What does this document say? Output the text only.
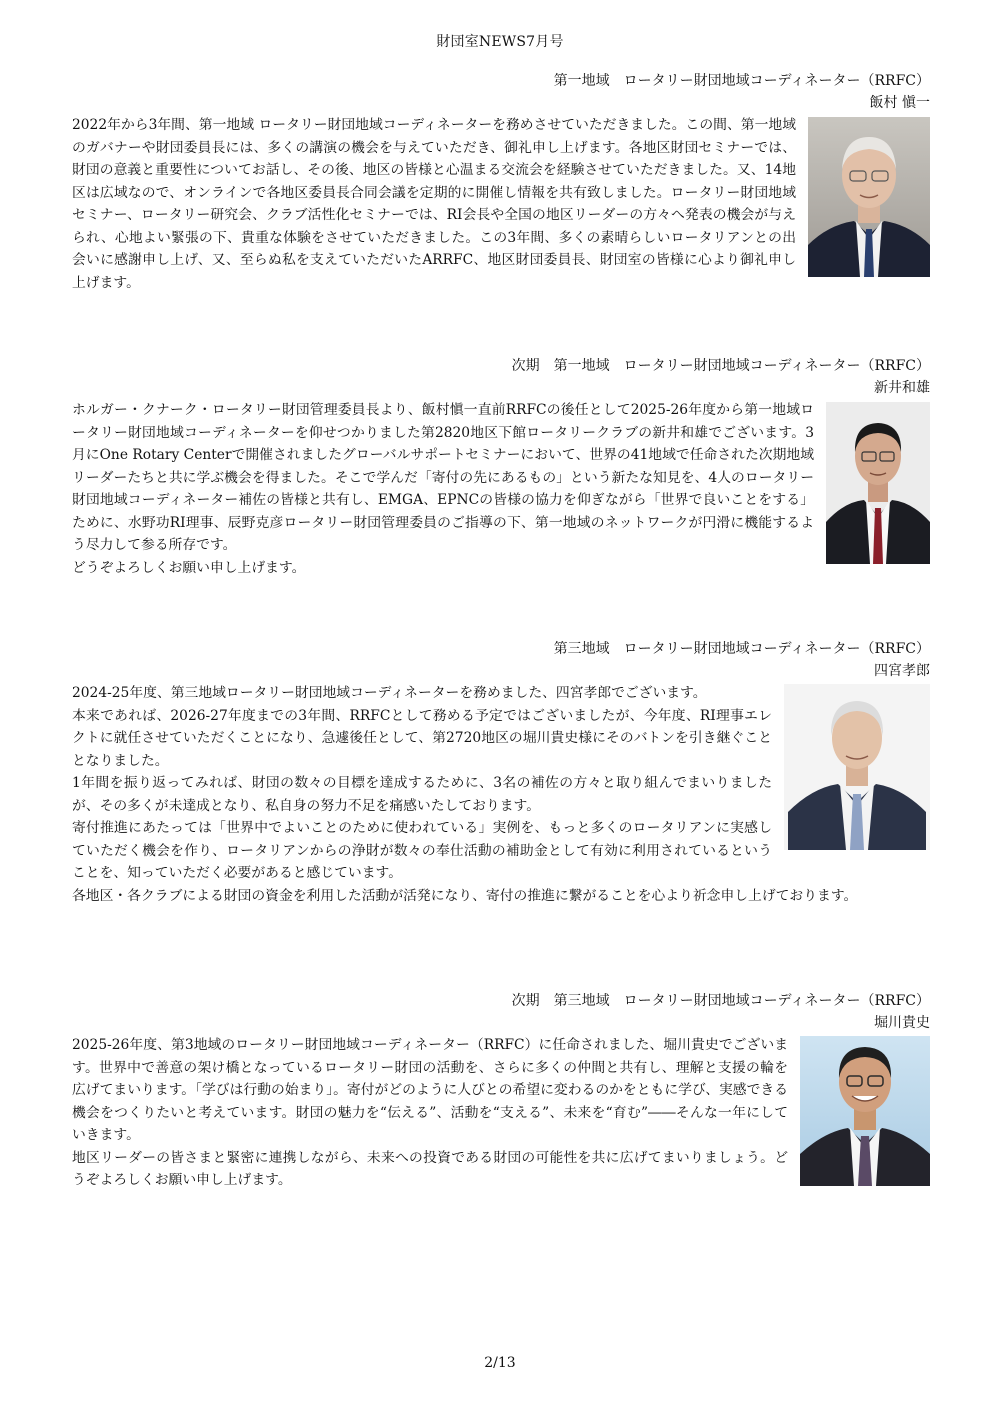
財団室NEWS7月号
第一地域　ロータリー財団地域コーディネーター（RRFC）
飯村 愼一

2022年から3年間、第一地域 ロータリー財団地域コーディネーターを務めさせていただきました。この間、第一地域のガバナーや財団委員長には、多くの講演の機会を与えていただき、御礼申し上げます。各地区財団セミナーでは、財団の意義と重要性についてお話し、その後、地区の皆様と心温まる交流会を経験させていただきました。又、14地区は広域なので、オンラインで各地区委員長合同会議を定期的に開催し情報を共有致しました。ロータリー財団地域セミナー、ロータリー研究会、クラブ活性化セミナーでは、RI会長や全国の地区リーダーの方々へ発表の機会が与えられ、心地よい緊張の下、貴重な体験をさせていただきました。この3年間、多くの素晴らしいロータリアンとの出会いに感謝申し上げ、又、至らぬ私を支えていただいたARRFC、地区財団委員長、財団室の皆様に心より御礼申し上げます。

次期　第一地域　ロータリー財団地域コーディネーター（RRFC）
新井和雄

ホルガー・クナーク・ロータリー財団管理委員長より、飯村愼一直前RRFCの後任として2025-26年度から第一地域ロータリー財団地域コーディネーターを仰せつかりました第2820地区下館ロータリークラブの新井和雄でございます。3月にOne Rotary Centerで開催されましたグローバルサポートセミナーにおいて、世界の41地域で任命された次期地域リーダーたちと共に学ぶ機会を得ました。そこで学んだ「寄付の先にあるもの」という新たな知見を、4人のロータリー財団地域コーディネーター補佐の皆様と共有し、EMGA、EPNCの皆様の協力を仰ぎながら「世界で良いことをする」ために、水野功RI理事、辰野克彦ロータリー財団管理委員のご指導の下、第一地域のネットワークが円滑に機能するよう尽力して参る所存です。

どうぞよろしくお願い申し上げます。

第三地域　ロータリー財団地域コーディネーター（RRFC）
四宮孝郎

2024-25年度、第三地域ロータリー財団地域コーディネーターを務めました、四宮孝郎でございます。

本来であれば、2026-27年度までの3年間、RRFCとして務める予定ではございましたが、今年度、RI理事エレクトに就任させていただくことになり、急遽後任として、第2720地区の堀川貴史様にそのバトンを引き継ぐこととなりました。

1年間を振り返ってみれば、財団の数々の目標を達成するために、3名の補佐の方々と取り組んでまいりましたが、その多くが未達成となり、私自身の努力不足を痛感いたしております。

寄付推進にあたっては「世界中でよいことのために使われている」実例を、もっと多くのロータリアンに実感していただく機会を作り、ロータリアンからの浄財が数々の奉仕活動の補助金として有効に利用されているということを、知っていただく必要があると感じています。

各地区・各クラブによる財団の資金を利用した活動が活発になり、寄付の推進に繋がることを心より祈念申し上げております。

次期　第三地域　ロータリー財団地域コーディネーター（RRFC）
堀川貴史

2025-26年度、第3地域のロータリー財団地域コーディネーター（RRFC）に任命されました、堀川貴史でございます。世界中で善意の架け橋となっているロータリー財団の活動を、さらに多くの仲間と共有し、理解と支援の輪を広げてまいります。「学びは行動の始まり」。寄付がどのように人びとの希望に変わるのかをともに学び、実感できる機会をつくりたいと考えています。財団の魅力を“伝える”、活動を“支える”、未来を“育む”――そんな一年にしていきます。

地区リーダーの皆さまと緊密に連携しながら、未来への投資である財団の可能性を共に広げてまいりましょう。どうぞよろしくお願い申し上げます。

2/13
